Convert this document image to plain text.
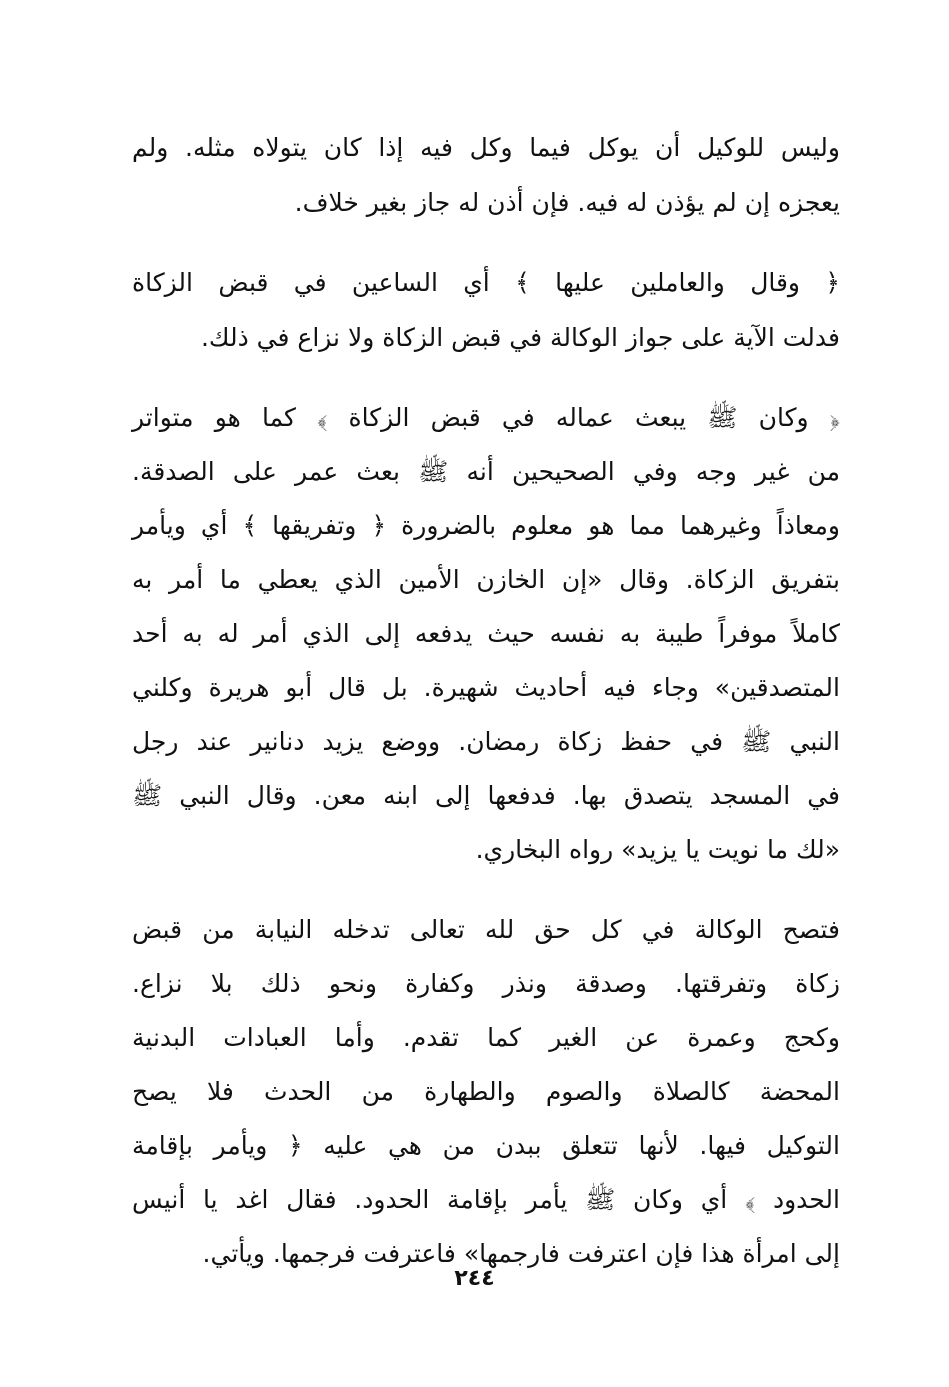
وليس للوكيل أن يوكل فيما وكل فيه إذا كان يتولاه مثله. ولم
يعجزه إن لم يؤذن له فيه. فإن أذن له جاز بغير خلاف.
﴿ وقال والعاملين عليها ﴾ أي الساعين في قبض الزكاة
فدلت الآية على جواز الوكالة في قبض الزكاة ولا نزاع في ذلك.
﴿ وكان ﷺ يبعث عماله في قبض الزكاة ﴾ كما هو متواتر
من غير وجه وفي الصحيحين أنه ﷺ بعث عمر على الصدقة.
ومعاذاً وغيرهما مما هو معلوم بالضرورة ﴿ وتفريقها ﴾ أي ويأمر
بتفريق الزكاة. وقال «إن الخازن الأمين الذي يعطي ما أمر به
كاملاً موفراً طيبة به نفسه حيث يدفعه إلى الذي أمر له به أحد
المتصدقين» وجاء فيه أحاديث شهيرة. بل قال أبو هريرة وكلني
النبي ﷺ في حفظ زكاة رمضان. ووضع يزيد دنانير عند رجل
في المسجد يتصدق بها. فدفعها إلى ابنه معن. وقال النبي ﷺ
«لك ما نويت يا يزيد» رواه البخاري.
فتصح الوكالة في كل حق لله تعالى تدخله النيابة من قبض
زكاة وتفرقتها. وصدقة ونذر وكفارة ونحو ذلك بلا نزاع.
وكحج وعمرة عن الغير كما تقدم. وأما العبادات البدنية
المحضة كالصلاة والصوم والطهارة من الحدث فلا يصح
التوكيل فيها. لأنها تتعلق ببدن من هي عليه ﴿ ويأمر بإقامة
الحدود ﴾ أي وكان ﷺ يأمر بإقامة الحدود. فقال اغد يا أنيس
إلى امرأة هذا فإن اعترفت فارجمها» فاعترفت فرجمها. ويأتي.
٢٤٤
